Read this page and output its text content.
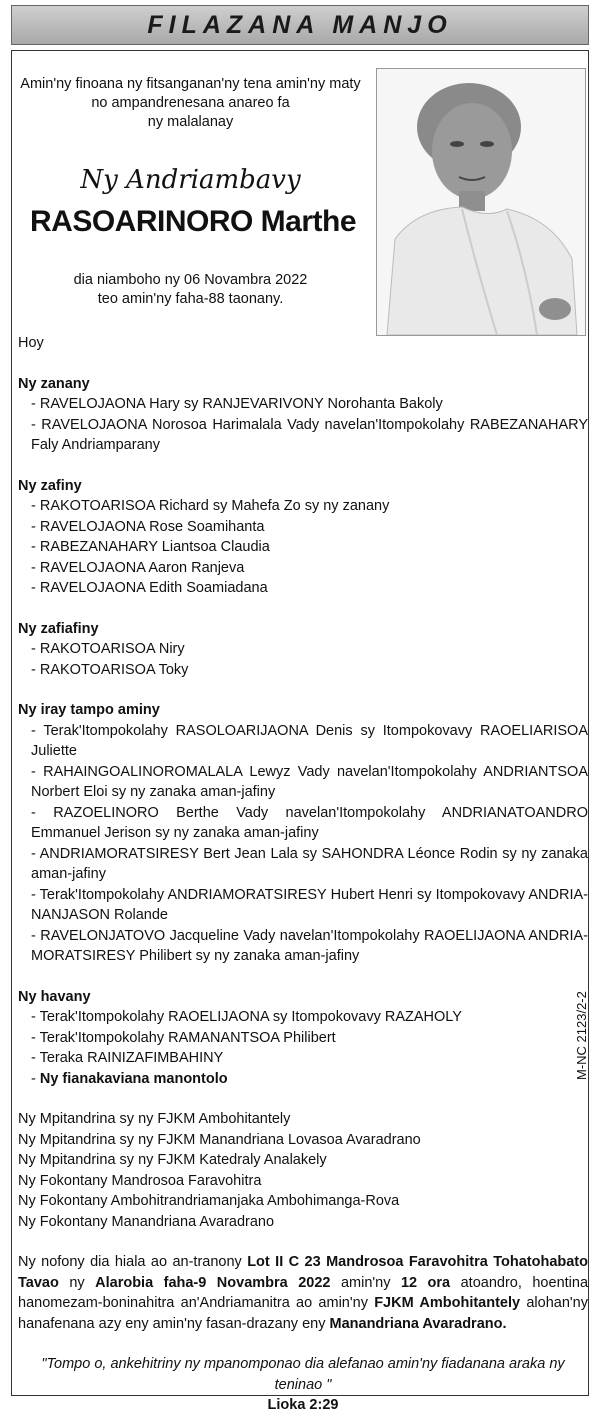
FILAZANA MANJO
Amin'ny finoana ny fitsanganan'ny tena amin'ny maty
no ampandrenesana anareo fa
ny malalanay
Ny Andriambavy
RASOARINORO Marthe
dia niamboho ny 06 Novambra 2022
teo amin'ny faha-88 taonany.

Hoy

Ny zanany

- RAVELOJAONA Hary sy RANJEVARIVONY Norohanta Bakoly

- RAVELOJAONA Norosoa Harimalala Vady navelan'Itompokolahy RABEZANAHARY Faly Andriamparany

Ny zafiny

- RAKOTOARISOA Richard sy Mahefa Zo sy ny zanany

- RAVELOJAONA Rose Soamihanta

- RABEZANAHARY Liantsoa Claudia

- RAVELOJAONA Aaron Ranjeva

- RAVELOJAONA Edith Soamiadana

Ny zafiafiny

- RAKOTOARISOA Niry

- RAKOTOARISOA Toky

Ny iray tampo aminy

- Terak'Itompokolahy RASOLOARIJAONA Denis sy Itompokovavy RAOELIARISOA Juliette

- RAHAINGOALINOROMALALA Lewyz Vady navelan'Itompokolahy ANDRIANTSOA Norbert Eloi sy ny zanaka aman-jafiny

- RAZOELINORO Berthe Vady navelan'Itompokolahy ANDRIANATOANDRO Emmanuel Jerison sy ny zanaka aman-jafiny

- ANDRIAMORATSIRESY Bert Jean Lala sy SAHONDRA Léonce Rodin sy ny zanaka aman-jafiny

- Terak'Itompokolahy ANDRIAMORATSIRESY Hubert Henri sy Itompokovavy ANDRIA-NANJASON Rolande

- RAVELONJATOVO Jacqueline Vady navelan'Itompokolahy RAOELIJAONA ANDRIA-MORATSIRESY Philibert sy ny zanaka aman-jafiny

Ny havany

- Terak'Itompokolahy RAOELIJAONA sy Itompokovavy RAZAHOLY

- Terak'Itompokolahy RAMANANTSOA Philibert

- Teraka RAINIZAFIMBAHINY

- Ny fianakaviana manontolo

Ny Mpitandrina sy ny FJKM Ambohitantely

Ny Mpitandrina sy ny FJKM Manandriana Lovasoa Avaradrano

Ny Mpitandrina sy ny FJKM Katedraly Analakely

Ny Fokontany Mandrosoa Faravohitra

Ny Fokontany Ambohitrandriamanjaka Ambohimanga-Rova

Ny Fokontany Manandriana Avaradrano

Ny nofony dia hiala ao an-tranony Lot II C 23 Mandrosoa Faravohitra Tohatohabato Tavao ny Alarobia faha-9 Novambra 2022 amin'ny 12 ora atoandro, hoentina hanomezam-boninahitra an'Andriamanitra ao amin'ny FJKM Ambohitantely alohan'ny hanafenana azy eny amin'ny fasan-drazany eny Manandriana Avaradrano.

"Tompo o, ankehitriny ny mpanomponao dia alefanao amin'ny fiadanana araka ny teninao "

Lioka 2:29

M-NC 2123/2-2
